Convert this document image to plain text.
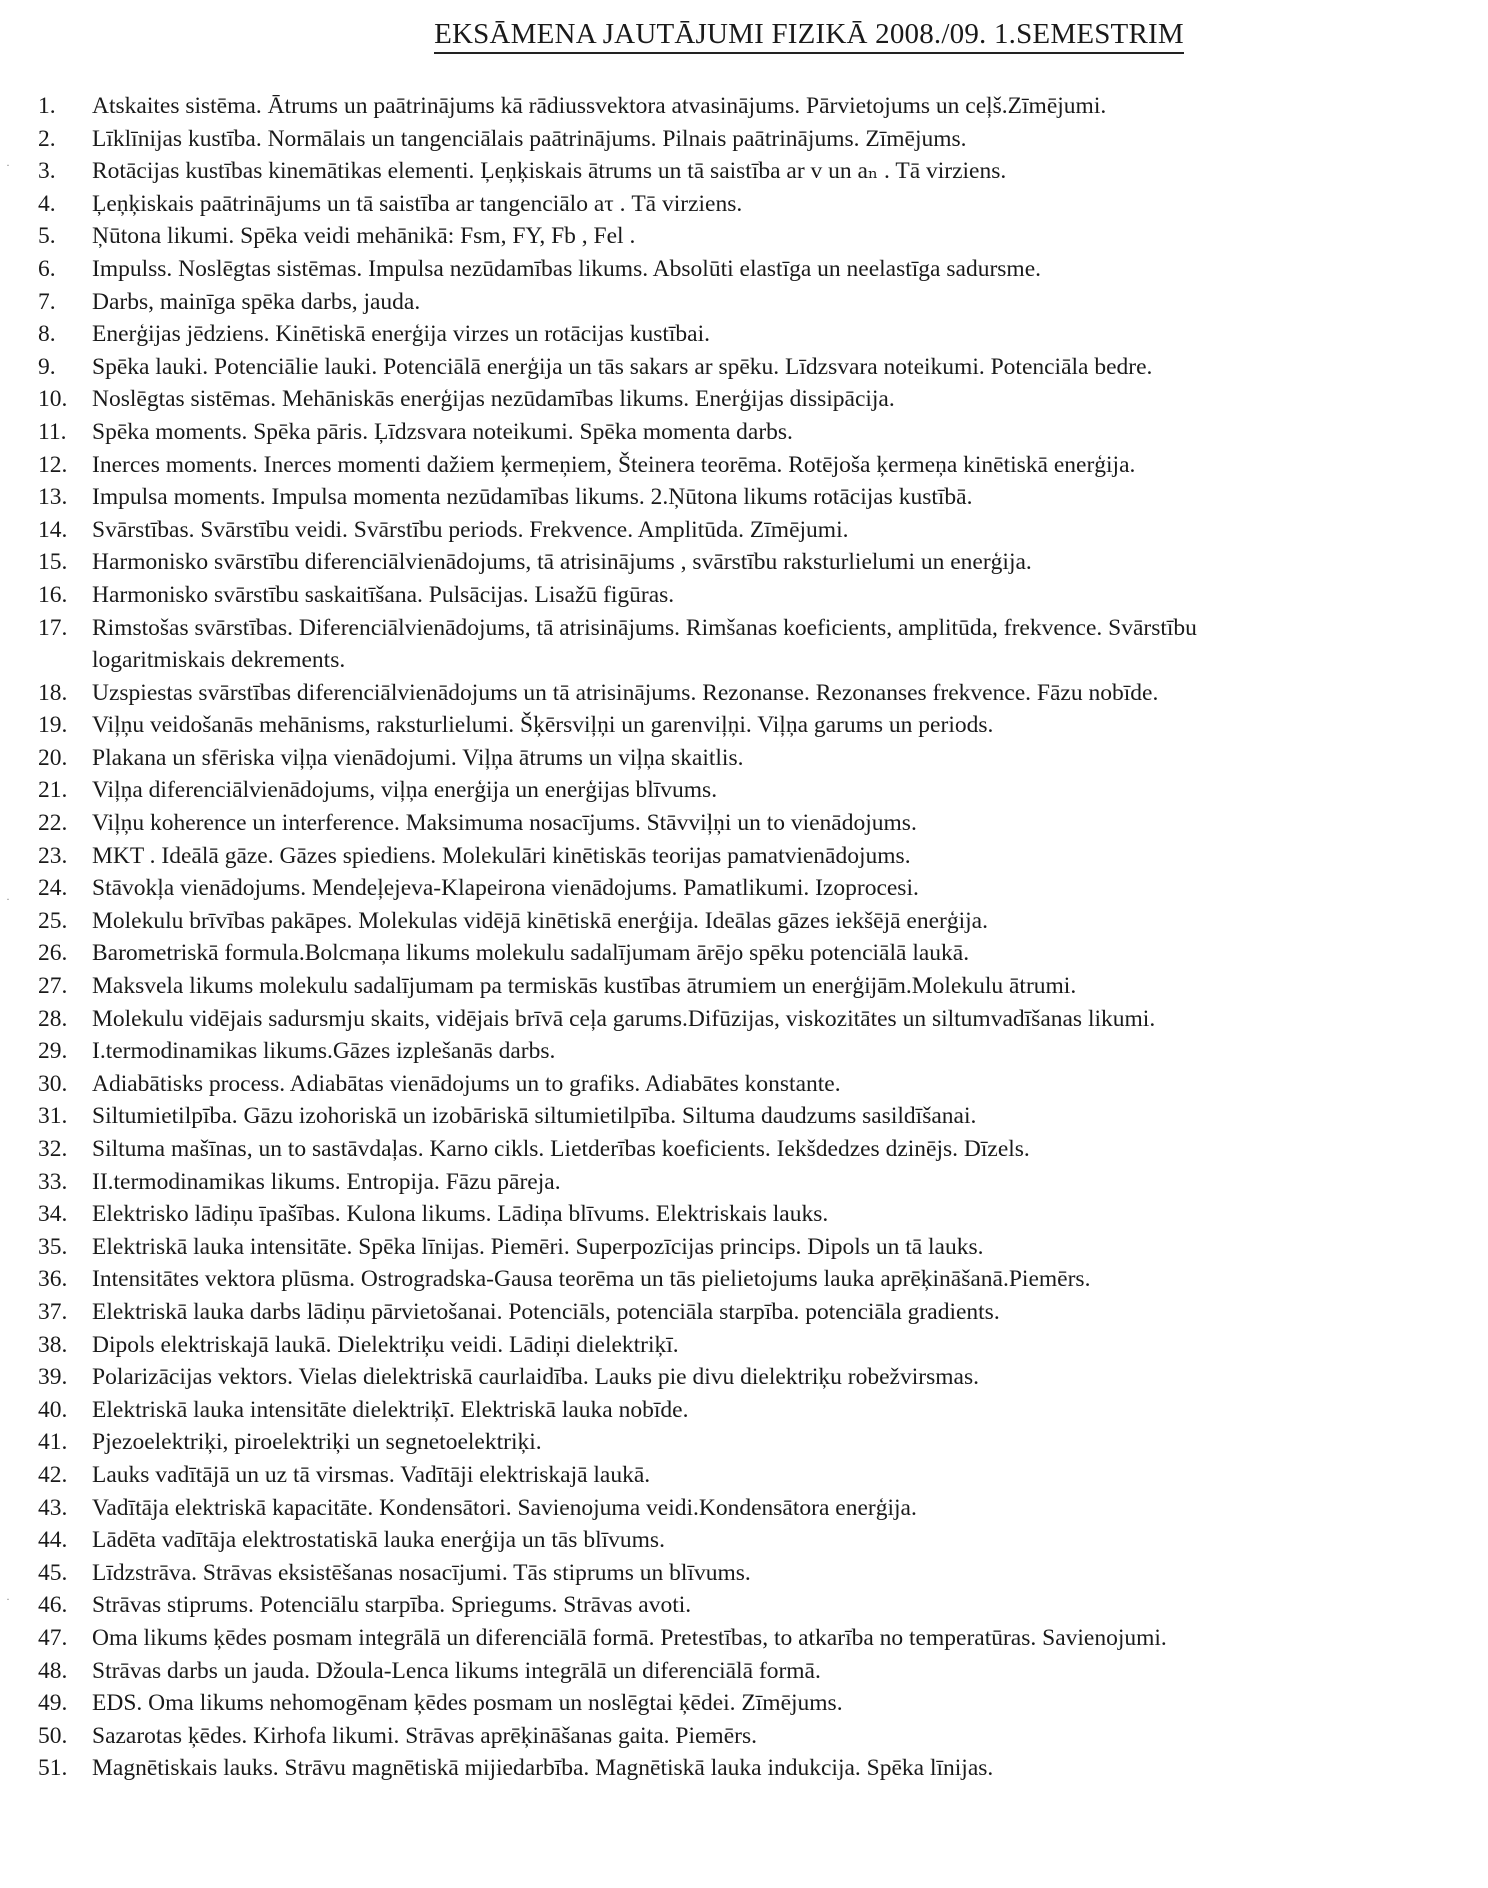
EKSĀMENA JAUTĀJUMI FIZIKĀ 2008./09. 1.SEMESTRIM
1.	Atskaites sistēma. Ātrums un paātrinājums kā rādiussvektora atvasinājums. Pārvietojums un ceļš.Zīmējumi.
2.	Līklīnijas kustība. Normālais un tangenciālais paātrinājums. Pilnais paātrinājums. Zīmējums.
3.	Rotācijas kustības kinemātikas elementi. Ļeņķiskais ātrums un tā saistība ar v un aₙ . Tā virziens.
4.	Ļeņķiskais paātrinājums un tā saistība ar tangenciālo aτ . Tā virziens.
5.	Ņūtona likumi. Spēka veidi mehānikā: Fsm, FY, Fb , Fel .
6.	Impulss. Noslēgtas sistēmas. Impulsa nezūdamības likums. Absolūti elastīga un neelastīga sadursme.
7.	Darbs, mainīga spēka darbs, jauda.
8.	Enerģijas jēdziens. Kinētiskā enerģija virzes un rotācijas kustībai.
9.	Spēka lauki. Potenciālie lauki. Potenciālā enerģija un tās sakars ar spēku. Līdzsvara noteikumi. Potenciāla bedre.
10.	Noslēgtas sistēmas. Mehāniskās enerģijas nezūdamības likums. Enerģijas dissipācija.
11.	Spēka moments. Spēka pāris. Ļīdzsvara noteikumi. Spēka momenta darbs.
12.	Inerces moments. Inerces momenti dažiem ķermeņiem, Šteinera teorēma. Rotējoša ķermeņa kinētiskā enerģija.
13.	Impulsa moments. Impulsa momenta nezūdamības likums. 2.Ņūtona likums rotācijas kustībā.
14.	Svārstības. Svārstību veidi. Svārstību periods. Frekvence. Amplitūda. Zīmējumi.
15.	Harmonisko svārstību diferenciālvienādojums, tā atrisinājums , svārstību raksturlielumi un enerģija.
16.	Harmonisko svārstību saskaitīšana. Pulsācijas. Lisažū figūras.
17.	Rimstošas svārstības. Diferenciālvienādojums, tā atrisinājums. Rimšanas koeficients, amplitūda, frekvence. Svārstību
logaritmiskais dekrements.
18.	Uzspiestas svārstības diferenciālvienādojums un tā atrisinājums. Rezonanse. Rezonanses frekvence. Fāzu nobīde.
19.	Viļņu veidošanās mehānisms, raksturlielumi. Šķērsviļņi un garenviļņi. Viļņa garums un periods.
20.	Plakana un sfēriska viļņa vienādojumi. Viļņa ātrums un viļņa skaitlis.
21.	Viļņa diferenciālvienādojums, viļņa enerģija un enerģijas blīvums.
22.	Viļņu koherence un interference. Maksimuma nosacījums. Stāvviļņi un to vienādojums.
23.	MKT . Ideālā gāze. Gāzes spiediens. Molekulāri kinētiskās teorijas pamatvienādojums.
24.	Stāvokļa vienādojums. Mendeļejeva-Klapeirona vienādojums. Pamatlikumi. Izoprocesi.
25.	Molekulu brīvības pakāpes. Molekulas vidējā kinētiskā enerģija. Ideālas gāzes iekšējā enerģija.
26.	Barometriskā formula.Bolcmaņa likums molekulu sadalījumam ārējo spēku potenciālā laukā.
27.	Maksvela likums molekulu sadalījumam pa termiskās kustības ātrumiem un enerģijām.Molekulu ātrumi.
28.	Molekulu vidējais sadursmju skaits, vidējais brīvā ceļa garums.Difūzijas, viskozitātes un siltumvadīšanas likumi.
29.	I.termodinamikas likums.Gāzes izplešanās darbs.
30.	Adiabātisks process. Adiabātas vienādojums un to grafiks. Adiabātes konstante.
31.	Siltumietilpība. Gāzu izohoriskā un izobāriskā siltumietilpība. Siltuma daudzums sasildīšanai.
32.	Siltuma mašīnas, un to sastāvdaļas. Karno cikls. Lietderības koeficients. Iekšdedzes dzinējs. Dīzels.
33.	II.termodinamikas likums. Entropija. Fāzu pāreja.
34.	Elektrisko lādiņu īpašības. Kulona likums. Lādiņa blīvums. Elektriskais lauks.
35.	Elektriskā lauka intensitāte. Spēka līnijas. Piemēri. Superpozīcijas princips. Dipols un tā lauks.
36.	Intensitātes vektora plūsma. Ostrogradska-Gausa teorēma un tās pielietojums lauka aprēķināšanā.Piemērs.
37.	Elektriskā lauka darbs lādiņu pārvietošanai. Potenciāls, potenciāla starpība. potenciāla gradients.
38.	Dipols elektriskajā laukā. Dielektriķu veidi. Lādiņi dielektriķī.
39.	Polarizācijas vektors. Vielas dielektriskā caurlaidība. Lauks pie divu dielektriķu robežvirsmas.
40.	Elektriskā lauka intensitāte dielektriķī. Elektriskā lauka nobīde.
41.	Pjezoelektriķi, piroelektriķi un segnetoelektriķi.
42.	Lauks vadītājā un uz tā virsmas. Vadītāji elektriskajā laukā.
43.	Vadītāja elektriskā kapacitāte. Kondensātori. Savienojuma veidi.Kondensātora enerģija.
44.	Lādēta vadītāja elektrostatiskā lauka enerģija un tās blīvums.
45.	Līdzstrāva. Strāvas eksistēšanas nosacījumi. Tās stiprums un blīvums.
46.	Strāvas stiprums. Potenciālu starpība. Spriegums. Strāvas avoti.
47.	Oma likums ķēdes posmam integrālā un diferenciālā formā. Pretestības, to atkarība no temperatūras. Savienojumi.
48.	Strāvas darbs un jauda. Džoula-Lenca likums integrālā un diferenciālā formā.
49.	EDS. Oma likums nehomogēnam ķēdes posmam un noslēgtai ķēdei. Zīmējums.
50.	Sazarotas ķēdes. Kirhofa likumi. Strāvas aprēķināšanas gaita. Piemērs.
51.	Magnētiskais lauks. Strāvu magnētiskā mijiedarbība. Magnētiskā lauka indukcija. Spēka līnijas.
·
·
·
